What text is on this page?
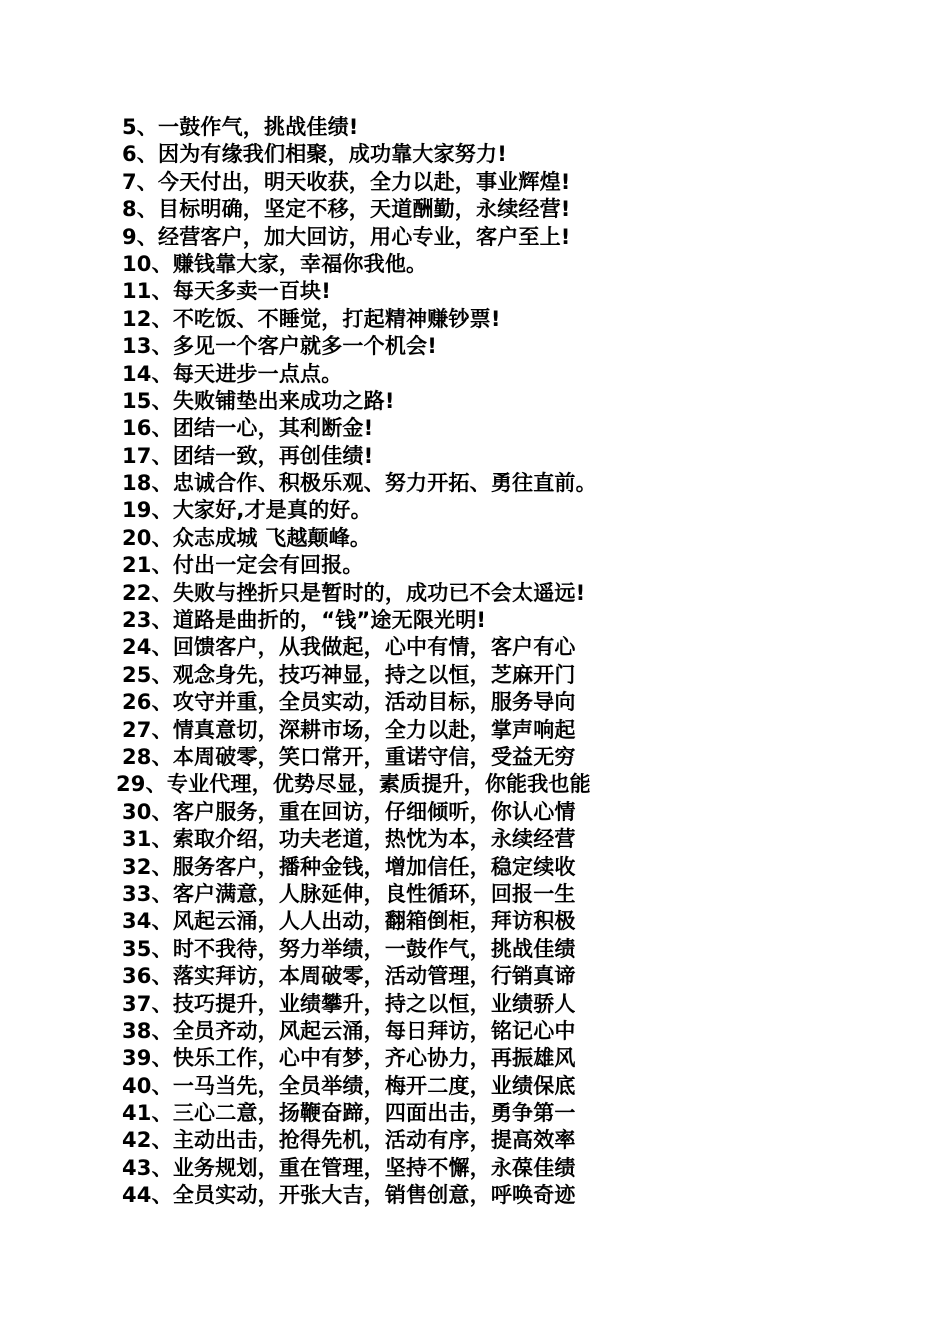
5、一鼓作气，挑战佳绩!
6、因为有缘我们相聚，成功靠大家努力!
7、今天付出，明天收获，全力以赴，事业辉煌!
8、目标明确，坚定不移，天道酬勤，永续经营!
9、经营客户，加大回访，用心专业，客户至上!
10、赚钱靠大家，幸福你我他。
11、每天多卖一百块!
12、不吃饭、不睡觉，打起精神赚钞票!
13、多见一个客户就多一个机会!
14、每天进步一点点。
15、失败铺垫出来成功之路!
16、团结一心，其利断金!
17、团结一致，再创佳绩!
18、忠诚合作、积极乐观、努力开拓、勇往直前。
19、大家好,才是真的好。
20、众志成城 飞越颠峰。
21、付出一定会有回报。
22、失败与挫折只是暂时的，成功已不会太遥远!
23、道路是曲折的，“钱”途无限光明!
24、回馈客户，从我做起，心中有情，客户有心
25、观念身先，技巧神显，持之以恒，芝麻开门
26、攻守并重，全员实动，活动目标，服务导向
27、情真意切，深耕市场，全力以赴，掌声响起
28、本周破零，笑口常开，重诺守信，受益无穷
29、专业代理，优势尽显，素质提升，你能我也能
30、客户服务，重在回访，仔细倾听，你认心情
31、索取介绍，功夫老道，热忱为本，永续经营
32、服务客户，播种金钱，增加信任，稳定续收
33、客户满意，人脉延伸，良性循环，回报一生
34、风起云涌，人人出动，翻箱倒柜，拜访积极
35、时不我待，努力举绩，一鼓作气，挑战佳绩
36、落实拜访，本周破零，活动管理，行销真谛
37、技巧提升，业绩攀升，持之以恒，业绩骄人
38、全员齐动，风起云涌，每日拜访，铭记心中
39、快乐工作，心中有梦，齐心协力，再振雄风
40、一马当先，全员举绩，梅开二度，业绩保底
41、三心二意，扬鞭奋蹄，四面出击，勇争第一
42、主动出击，抢得先机，活动有序，提高效率
43、业务规划，重在管理，坚持不懈，永葆佳绩
44、全员实动，开张大吉，销售创意，呼唤奇迹
